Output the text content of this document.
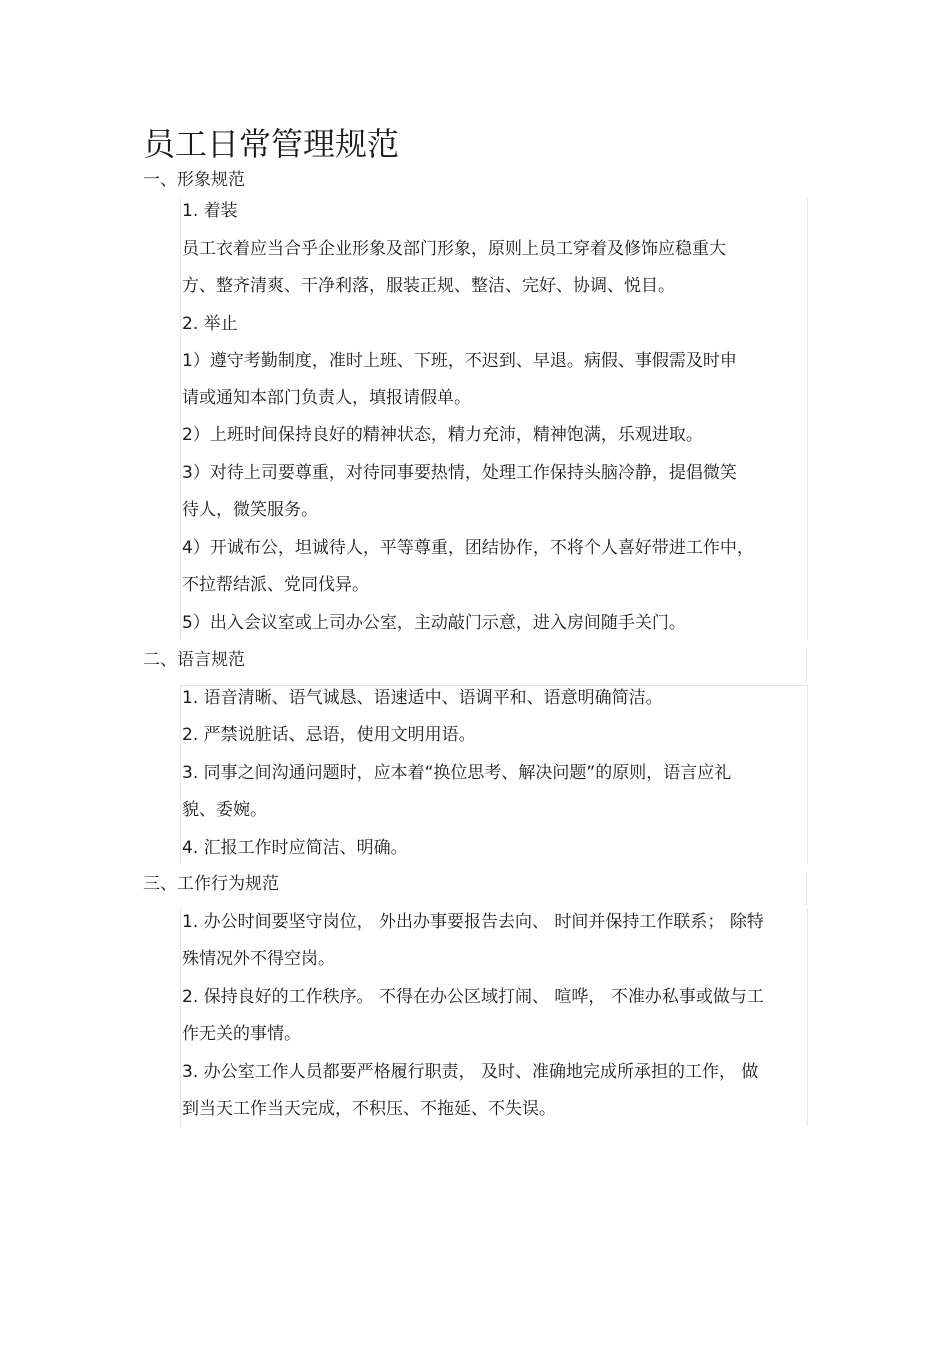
员工日常管理规范
一、形象规范
1. 着装
员工衣着应当合乎企业形象及部门形象，原则上员工穿着及修饰应稳重大
方、整齐清爽、干净利落，服装正规、整洁、完好、协调、悦目。
2. 举止
1）遵守考勤制度，准时上班、下班，不迟到、早退。病假、事假需及时申
请或通知本部门负责人，填报请假单。
2）上班时间保持良好的精神状态，精力充沛，精神饱满，乐观进取。
3）对待上司要尊重，对待同事要热情，处理工作保持头脑冷静，提倡微笑
待人，微笑服务。
4）开诚布公，坦诚待人，平等尊重，团结协作，不将个人喜好带进工作中，
不拉帮结派、党同伐异。
5）出入会议室或上司办公室，主动敲门示意，进入房间随手关门。
二、语言规范
1. 语音清晰、语气诚恳、语速适中、语调平和、语意明确简洁。
2. 严禁说脏话、忌语，使用文明用语。
3. 同事之间沟通问题时，应本着“换位思考、解决问题”的原则，语言应礼
貌、委婉。
4. 汇报工作时应简洁、明确。
三、工作行为规范
1. 办公时间要坚守岗位， 外出办事要报告去向、 时间并保持工作联系； 除特
殊情况外不得空岗。
2. 保持良好的工作秩序。 不得在办公区域打闹、 喧哗， 不准办私事或做与工
作无关的事情。
3. 办公室工作人员都要严格履行职责， 及时、准确地完成所承担的工作， 做
到当天工作当天完成，不积压、不拖延、不失误。
